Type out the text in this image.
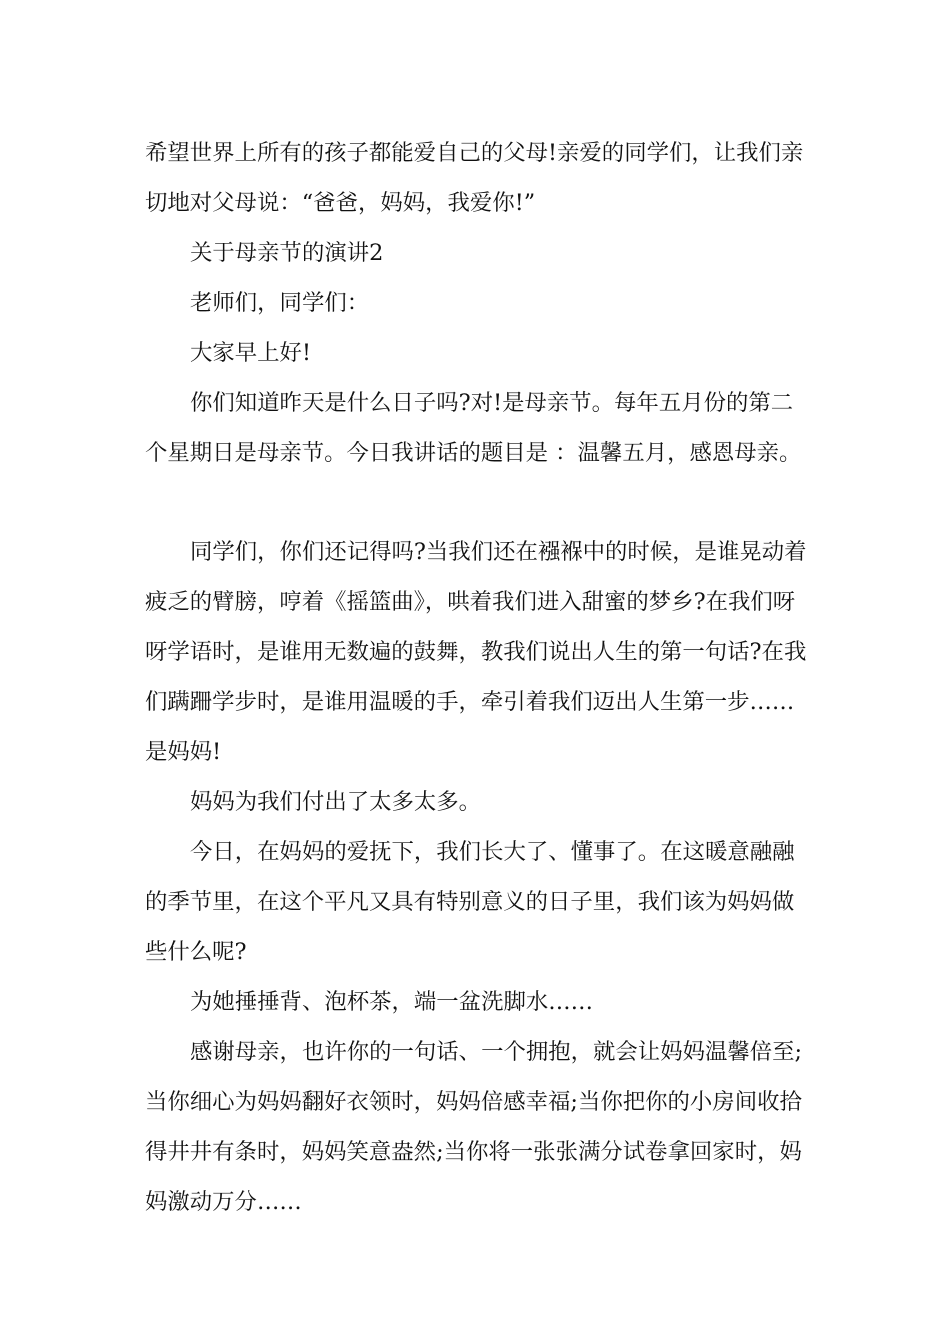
希望世界上所有的孩子都能爱自己的父母!亲爱的同学们，让我们亲

切地对父母说：“爸爸，妈妈，我爱你!”

关于母亲节的演讲2

老师们，同学们：

大家早上好!

你们知道昨天是什么日子吗?对!是母亲节。每年五月份的第二

个星期日是母亲节。今日我讲话的题目是 ：温馨五月，感恩母亲。

同学们，你们还记得吗?当我们还在襁褓中的时候，是谁晃动着

疲乏的臂膀，哼着《摇篮曲》，哄着我们进入甜蜜的梦乡?在我们呀

呀学语时，是谁用无数遍的鼓舞，教我们说出人生的第一句话?在我

们蹒跚学步时，是谁用温暖的手，牵引着我们迈出人生第一步……

是妈妈!

妈妈为我们付出了太多太多。

今日，在妈妈的爱抚下，我们长大了、懂事了。在这暖意融融

的季节里，在这个平凡又具有特别意义的日子里，我们该为妈妈做

些什么呢?

为她捶捶背、泡杯茶，端一盆洗脚水……

感谢母亲，也许你的一句话、一个拥抱，就会让妈妈温馨倍至;

当你细心为妈妈翻好衣领时，妈妈倍感幸福;当你把你的小房间收拾

得井井有条时，妈妈笑意盎然;当你将一张张满分试卷拿回家时，妈

妈激动万分……
